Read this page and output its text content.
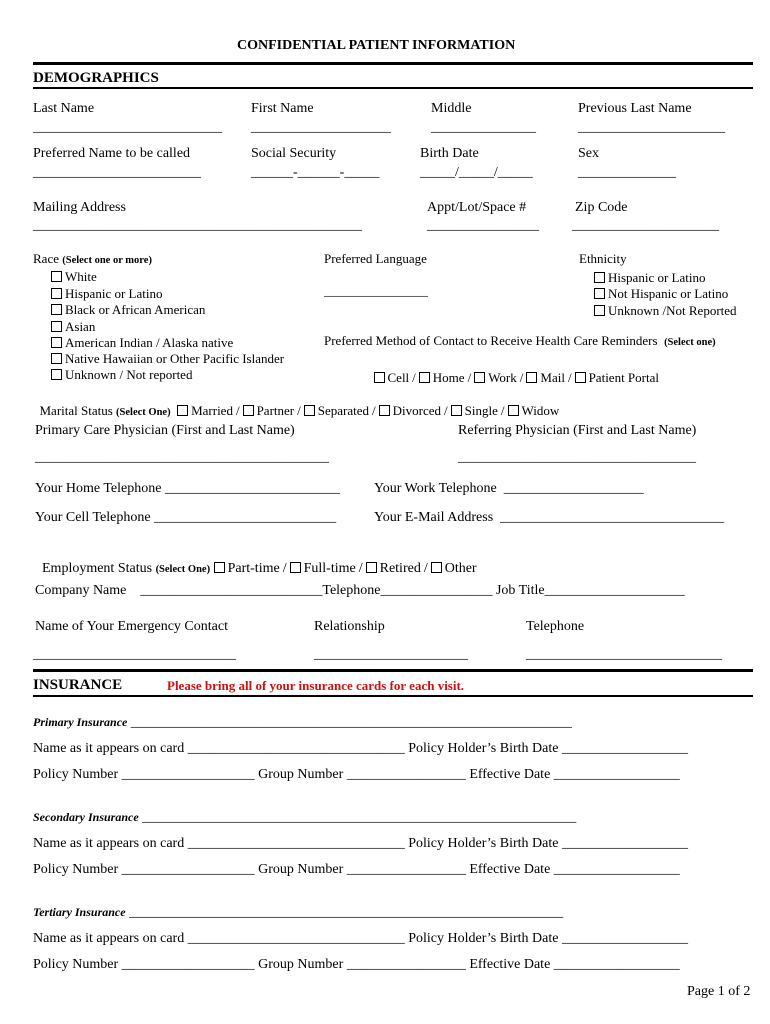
CONFIDENTIAL PATIENT INFORMATION
DEMOGRAPHICS
Last Name	First Name	Middle	Previous Last Name
___________________________ ____________________	_______________	_____________________
Preferred Name to be called	Social Security	Birth Date	Sex
________________________	______-______-_____	_____/_____/_____	______________
Mailing Address	Appt/Lot/Space #	Zip Code
_______________________________________________	________________ _____________________
Race (Select one or more)
White
Hispanic or Latino
Black or African American
Asian
American Indian / Alaska native
Native Hawaiian or Other Pacific Islander
Unknown / Not reported
Preferred Language
________________
Ethnicity
Hispanic or Latino
Not Hispanic or Latino
Unknown /Not Reported
Preferred Method of Contact to Receive Health Care Reminders (Select one)

Cell / Home / Work / Mail / Patient Portal

Marital Status (Select One) Married / Partner / Separated / Divorced / Single / Widow

Primary Care Physician (First and Last Name)	Referring Physician (First and Last Name)
__________________________________________	__________________________________
Your Home Telephone _________________________ Your Work Telephone ____________________
Your Cell Telephone __________________________	Your E-Mail Address ________________________________

Employment Status (Select One) Part-time / Full-time / Retired / Other

Company Name __________________________Telephone________________ Job Title____________________
Name of Your Emergency Contact	Relationship	Telephone
_____________________________	______________________	____________________________
INSURANCE	Please bring all of your insurance cards for each visit.
Primary Insurance _______________________________________________________________
Name as it appears on card _______________________________ Policy Holder’s Birth Date __________________
Policy Number ___________________ Group Number _________________ Effective Date __________________
Secondary Insurance ______________________________________________________________
Name as it appears on card _______________________________ Policy Holder’s Birth Date __________________
Policy Number ___________________ Group Number _________________ Effective Date __________________
Tertiary Insurance ______________________________________________________________
Name as it appears on card _______________________________ Policy Holder’s Birth Date __________________
Policy Number ___________________ Group Number _________________ Effective Date __________________
Page 1 of 2
